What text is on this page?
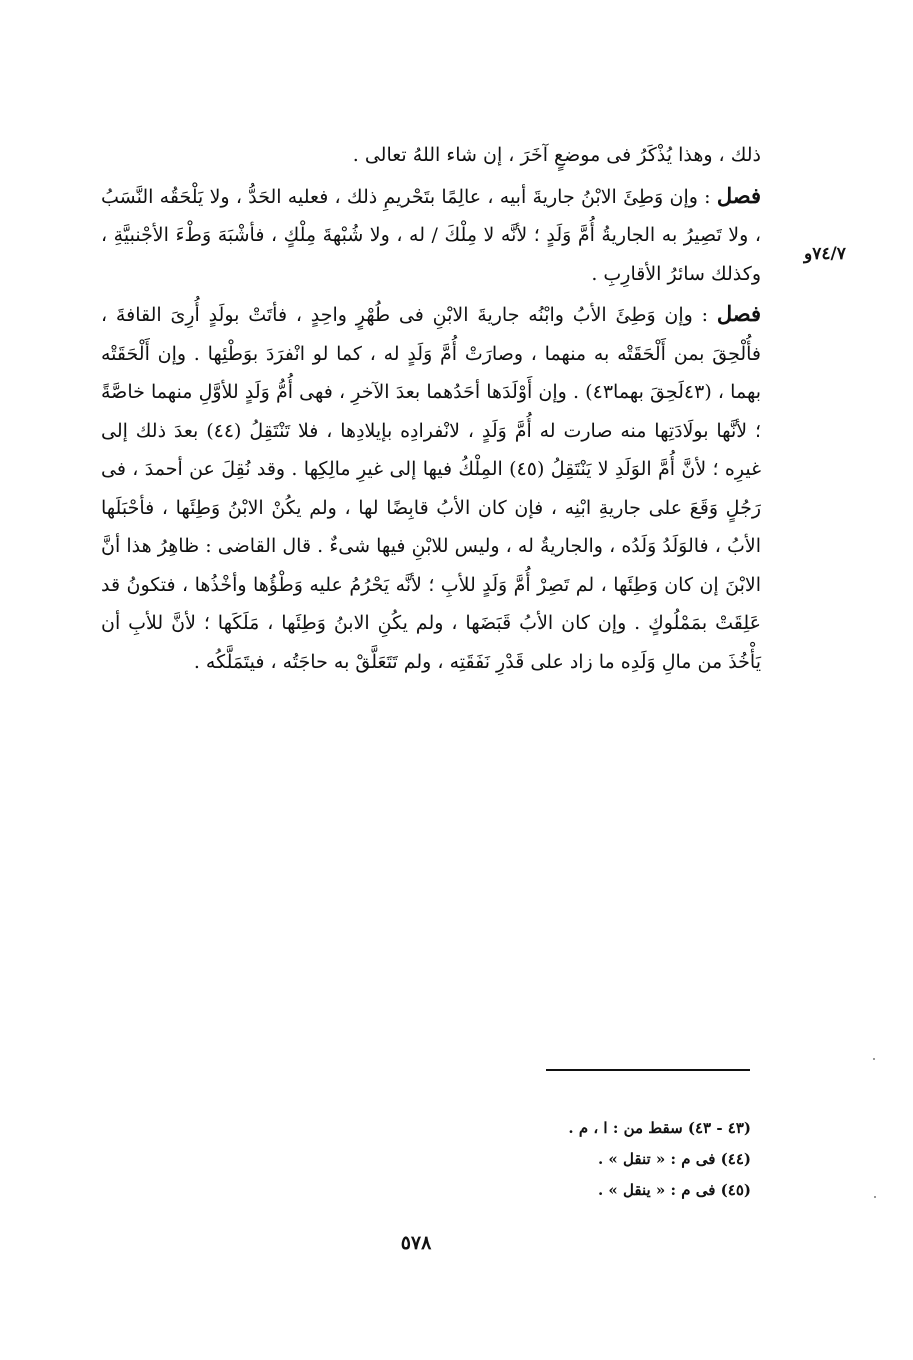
٧٤/٧و

ذلك ، وهذا يُذْكَرُ فى موضعٍ آخَرَ ، إن شاء اللهُ تعالى .

فصل : وإن وَطِئَ الابْنُ جاريةَ أبيه ، عالِمًا بتَحْريمِ ذلك ، فعليه الحَدُّ ، ولا يَلْحَقُه النَّسَبُ ، ولا تَصِيرُ به الجاريةُ أُمَّ وَلَدٍ ؛ لأنَّه لا مِلْكَ / له ، ولا شُبْهةَ مِلْكٍ ، فأشْبَهَ وَطْءَ الأجْنبيَّةِ ، وكذلك سائرُ الأقارِبِ .

فصل : وإن وَطِئَ الأبُ وابْنُه جاريةَ الابْنِ فى طُهْرٍ واحِدٍ ، فأتَتْ بولَدٍ أُرِىَ القافةَ ، فأُلْحِقَ بمن أَلْحَقَتْه به منهما ، وصارَتْ أُمَّ وَلَدٍ له ، كما لو انْفرَدَ بوَطْئِها . وإن أَلْحَقَتْه بهما ، (٤٣لَحِقَ بهما٤٣) . وإن أَوْلَدَها أحَدُهما بعدَ الآخرِ ، فهى أُمُّ وَلَدٍ للأوَّلِ منهما خاصَّةً ؛ لأنَّها بولَادَتِها منه صارت له أُمَّ وَلَدٍ ، لانْفرادِه بإيلادِها ، فلا تَنْتَقِلُ (٤٤) بعدَ ذلك إلى غيرِه ؛ لأنَّ أُمَّ الوَلَدِ لا يَنْتَقِلُ (٤٥) المِلْكُ فيها إلى غيرِ مالِكِها . وقد نُقِلَ عن أحمدَ ، فى رَجُلٍ وَقَعَ على جاريةِ ابْنِه ، فإن كان الأبُ قابِضًا لها ، ولم يكُنْ الابْنُ وَطِئَها ، فأحْبَلَها الأبُ ، فالوَلَدُ وَلَدُه ، والجاريةُ له ، وليس للابْنِ فيها شىءٌ . قال القاضى : ظاهِرُ هذا أنَّ الابْنَ إن كان وَطِئَها ، لم تَصِرْ أُمَّ وَلَدٍ للأبِ ؛ لأنَّه يَحْرُمُ عليه وَطْؤُها وأخْذُها ، فتكونُ قد عَلِقَتْ بمَمْلُوكٍ . وإن كان الأبُ قَبَضَها ، ولم يكُنِ الابنُ وَطِئَها ، مَلَكَها ؛ لأنَّ للأبِ أن يَأْخُذَ من مالِ وَلَدِه ما زاد على قَدْرِ نَفَقَتِه ، ولم تَتَعَلَّقْ به حاجَتُه ، فيتَمَلَّكُه .

(٤٣ - ٤٣) سقط من : ا ، م .
(٤٤) فى م : « تنقل » .
(٤٥) فى م : « ينقل » .
٥٧٨
